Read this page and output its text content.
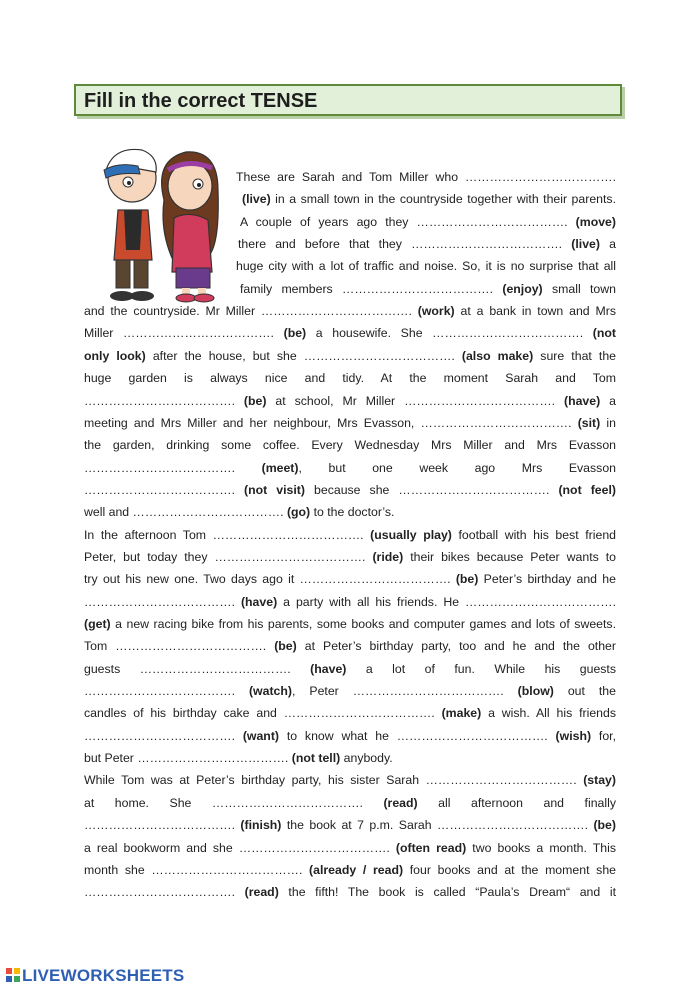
Fill in the correct TENSE
These are Sarah and Tom Miller who ……………………………….
(live) in a small town in the countryside together with their parents.
A couple of years ago they ………………………………. (move)
there and before that they ………………………………. (live) a
huge city with a lot of traffic and noise. So, it is no surprise that all
family members ………………………………. (enjoy) small town
and the countryside. Mr Miller ………………………………. (work) at a bank in town and Mrs
Miller ………………………………. (be) a housewife. She ………………………………. (not
only look) after the house, but she ………………………………. (also make) sure that the
huge garden is always nice and tidy. At the moment Sarah and Tom
………………………………. (be) at school, Mr Miller ………………………………. (have) a
meeting and Mrs Miller and her neighbour, Mrs Evasson, ………………………………. (sit) in
the garden, drinking some coffee. Every Wednesday Mrs Miller and Mrs Evasson
………………………………. (meet), but one week ago Mrs Evasson
………………………………. (not visit) because she ………………………………. (not feel)
well and ………………………………. (go) to the doctor’s.
In the afternoon Tom ………………………………. (usually play) football with his best friend
Peter, but today they ………………………………. (ride) their bikes because Peter wants to
try out his new one. Two days ago it ………………………………. (be) Peter’s birthday and he
………………………………. (have) a party with all his friends. He ……………………………….
(get) a new racing bike from his parents, some books and computer games and lots of sweets.
Tom ………………………………. (be) at Peter’s birthday party, too and he and the other
guests ………………………………. (have) a lot of fun. While his guests
………………………………. (watch), Peter ………………………………. (blow) out the
candles of his birthday cake and ………………………………. (make) a wish. All his friends
………………………………. (want) to know what he ………………………………. (wish) for,
but Peter ………………………………. (not tell) anybody.
While Tom was at Peter’s birthday party, his sister Sarah ………………………………. (stay)
at home. She ………………………………. (read) all afternoon and finally
………………………………. (finish) the book at 7 p.m. Sarah ………………………………. (be)
a real bookworm and she ………………………………. (often read) two books a month. This
month she ………………………………. (already / read) four books and at the moment she
………………………………. (read) the fifth! The book is called “Paula’s Dream“ and it
LIVEWORKSHEETS
